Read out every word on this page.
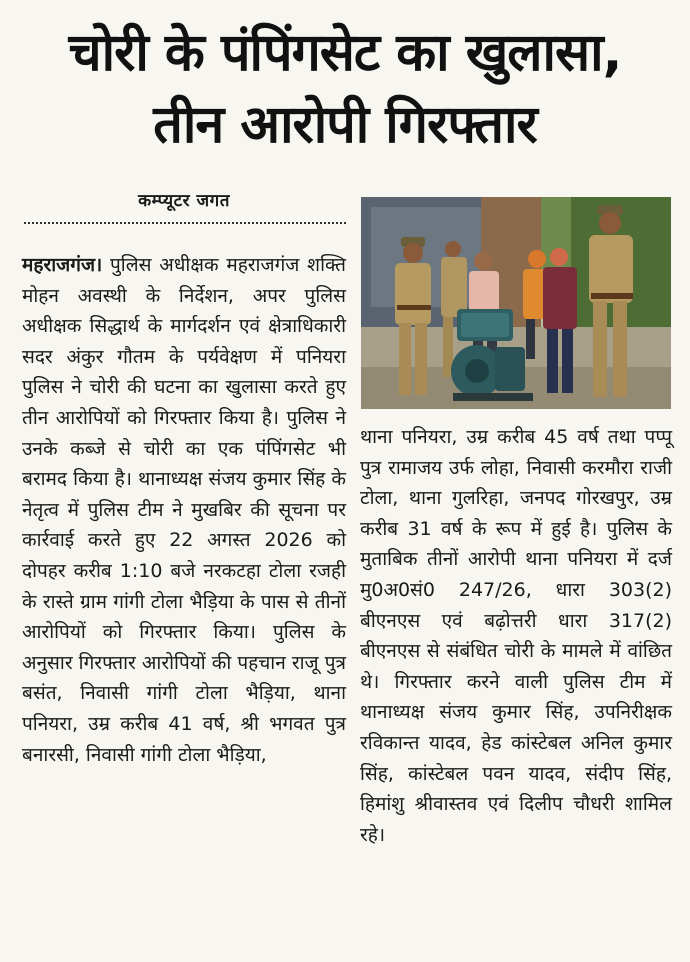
चोरी के पंपिंगसेट का खुलासा,
तीन आरोपी गिरफ्तार
कम्प्यूटर जगत

महराजगंज। पुलिस अधीक्षक महराजगंज शक्ति मोहन अवस्थी के निर्देशन, अपर पुलिस अधीक्षक सिद्धार्थ के मार्गदर्शन एवं क्षेत्राधिकारी सदर अंकुर गौतम के पर्यवेक्षण में पनियरा पुलिस ने चोरी की घटना का खुलासा करते हुए तीन आरोपियों को गिरफ्तार किया है। पुलिस ने उनके कब्जे से चोरी का एक पंपिंगसेट भी बरामद किया है। थानाध्यक्ष संजय कुमार सिंह के नेतृत्व में पुलिस टीम ने मुखबिर की सूचना पर कार्रवाई करते हुए 22 अगस्त 2026 को दोपहर करीब 1:10 बजे नरकटहा टोला रजही के रास्ते ग्राम गांगी टोला भैड़िया के पास से तीनों आरोपियों को गिरफ्तार किया। पुलिस के अनुसार गिरफ्तार आरोपियों की पहचान राजू पुत्र बसंत, निवासी गांगी टोला भैड़िया, थाना पनियरा, उम्र करीब 41 वर्ष, श्री भगवत पुत्र बनारसी, निवासी गांगी टोला भैड़िया,

थाना पनियरा, उम्र करीब 45 वर्ष तथा पप्पू पुत्र रामाजय उर्फ लोहा, निवासी करमौरा राजी टोला, थाना गुलरिहा, जनपद गोरखपुर, उम्र करीब 31 वर्ष के रूप में हुई है। पुलिस के मुताबिक तीनों आरोपी थाना पनियरा में दर्ज मु0अ0सं0 247/26, धारा 303(2) बीएनएस एवं बढ़ोत्तरी धारा 317(2) बीएनएस से संबंधित चोरी के मामले में वांछित थे। गिरफ्तार करने वाली पुलिस टीम में थानाध्यक्ष संजय कुमार सिंह, उपनिरीक्षक रविकान्त यादव, हेड कांस्टेबल अनिल कुमार सिंह, कांस्टेबल पवन यादव, संदीप सिंह, हिमांशु श्रीवास्तव एवं दिलीप चौधरी शामिल रहे।
